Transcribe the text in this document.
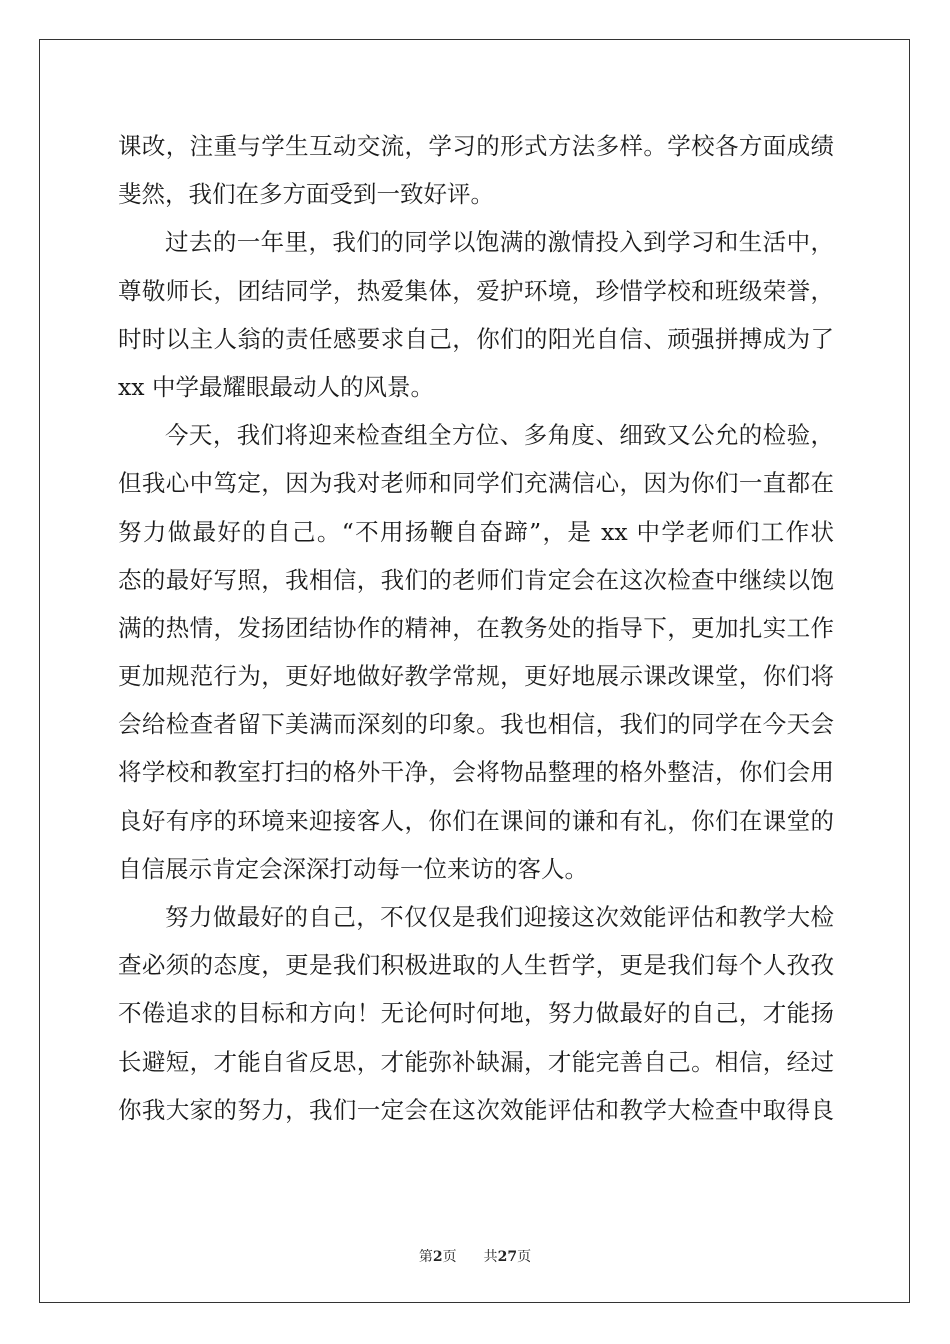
课改，注重与学生互动交流，学习的形式方法多样。学校各方面成绩
斐然，我们在多方面受到一致好评。
过去的一年里，我们的同学以饱满的激情投入到学习和生活中，
尊敬师长，团结同学，热爱集体，爱护环境，珍惜学校和班级荣誉，
时时以主人翁的责任感要求自己，你们的阳光自信、顽强拼搏成为了
xx 中学最耀眼最动人的风景。
今天，我们将迎来检查组全方位、多角度、细致又公允的检验，
但我心中笃定，因为我对老师和同学们充满信心，因为你们一直都在
努力做最好的自己。“不用扬鞭自奋蹄”，是 xx 中学老师们工作状
态的最好写照，我相信，我们的老师们肯定会在这次检查中继续以饱
满的热情，发扬团结协作的精神，在教务处的指导下，更加扎实工作
更加规范行为，更好地做好教学常规，更好地展示课改课堂，你们将
会给检查者留下美满而深刻的印象。我也相信，我们的同学在今天会
将学校和教室打扫的格外干净，会将物品整理的格外整洁，你们会用
良好有序的环境来迎接客人，你们在课间的谦和有礼，你们在课堂的
自信展示肯定会深深打动每一位来访的客人。
努力做最好的自己，不仅仅是我们迎接这次效能评估和教学大检
查必须的态度，更是我们积极进取的人生哲学，更是我们每个人孜孜
不倦追求的目标和方向！无论何时何地，努力做最好的自己，才能扬
长避短，才能自省反思，才能弥补缺漏，才能完善自己。相信，经过
你我大家的努力，我们一定会在这次效能评估和教学大检查中取得良
第2页 共27页
